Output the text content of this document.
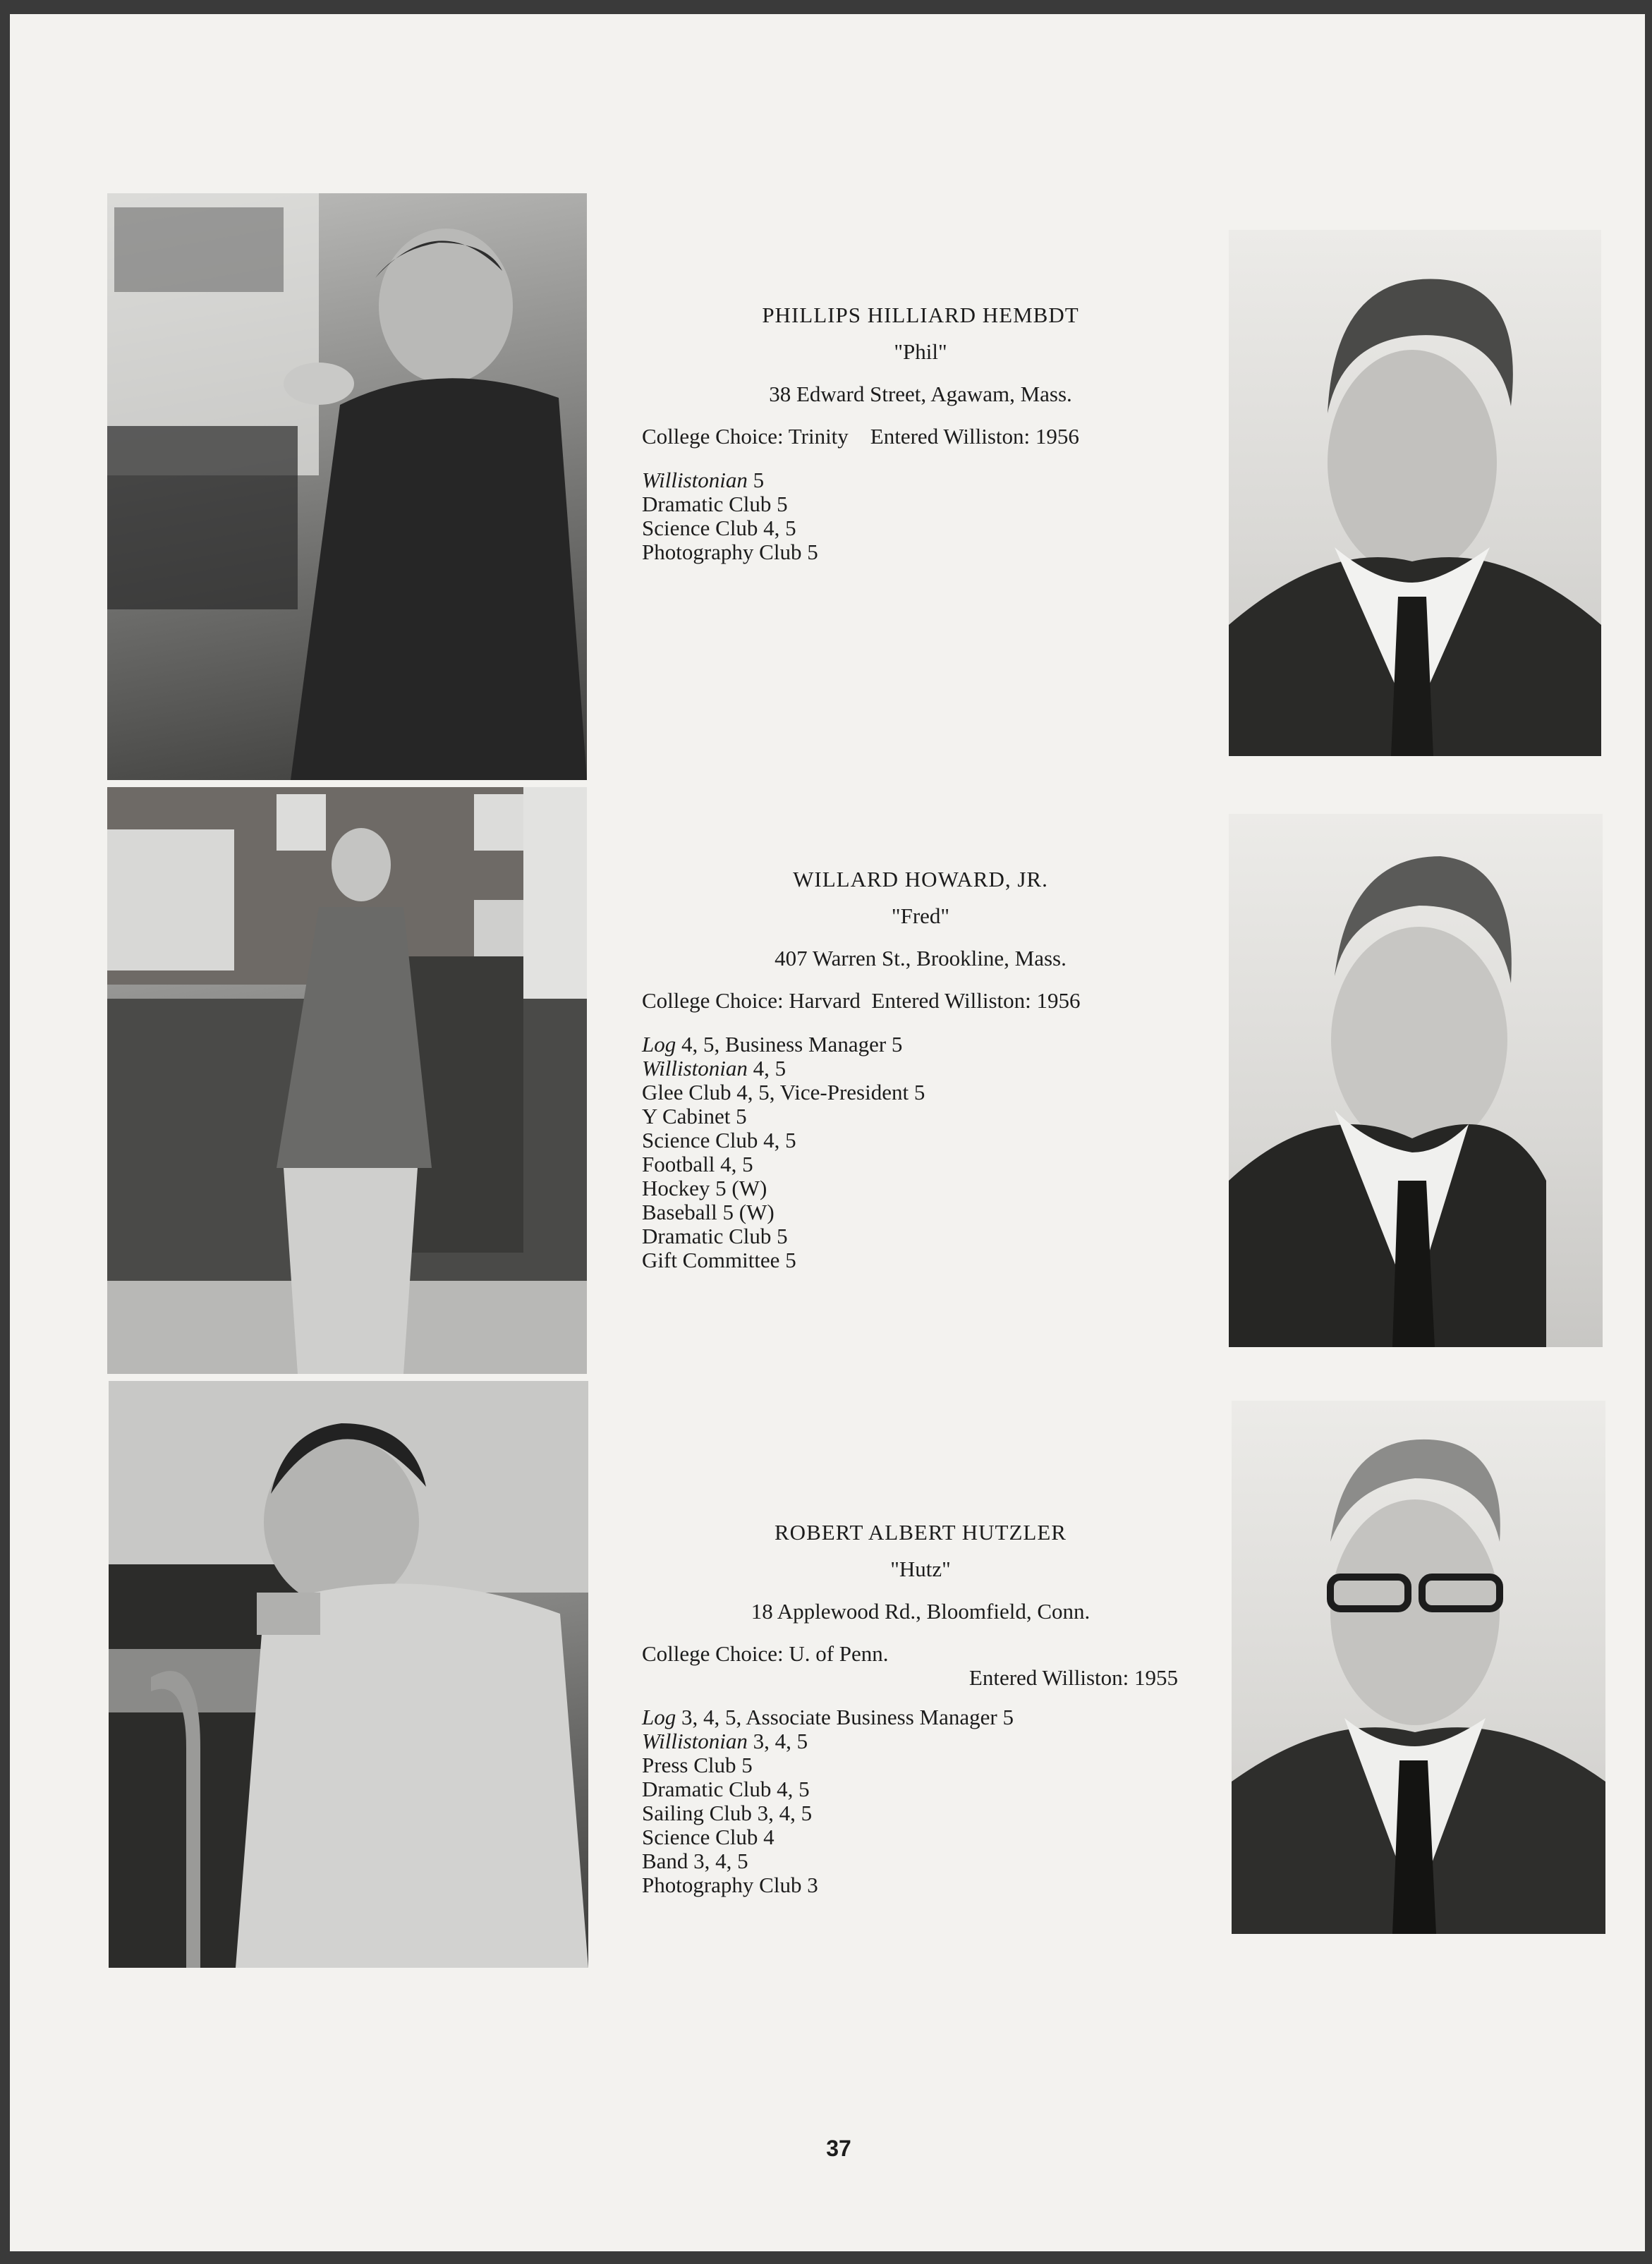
PHILLIPS HILLIARD HEMBDT
"Phil"
38 Edward Street, Agawam, Mass.
College Choice: Trinity Entered Williston: 1956
Willistonian 5
Dramatic Club 5
Science Club 4, 5
Photography Club 5
WILLARD HOWARD, JR.
"Fred"
407 Warren St., Brookline, Mass.
College Choice: Harvard Entered Williston: 1956
Log 4, 5, Business Manager 5
Willistonian 4, 5
Glee Club 4, 5, Vice-President 5
Y Cabinet 5
Science Club 4, 5
Football 4, 5
Hockey 5 (W)
Baseball 5 (W)
Dramatic Club 5
Gift Committee 5
ROBERT ALBERT HUTZLER
"Hutz"
18 Applewood Rd., Bloomfield, Conn.
College Choice: U. of Penn.
Entered Williston: 1955
Log 3, 4, 5, Associate Business Manager 5
Willistonian 3, 4, 5
Press Club 5
Dramatic Club 4, 5
Sailing Club 3, 4, 5
Science Club 4
Band 3, 4, 5
Photography Club 3
37
